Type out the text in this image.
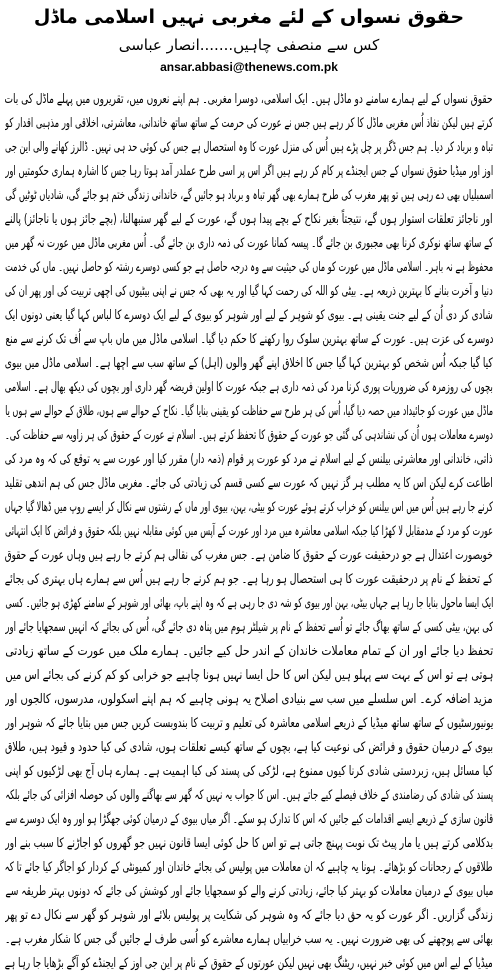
حقوق نسواں کے لئے مغربی نہیں اسلامی ماڈل
کس سے منصفی چاہیں.......انصار عباسی
ansar.abbasi@thenews.com.pk
حقوق نسواں کے لیے ہمارے سامنے دو ماڈل ہیں۔ ایک اسلامی، دوسرا مغربی۔ ہم اپنے نعروں میں، تقریروں میں پہلے ماڈل کی بات
کرتے ہیں لیکن نفاذ اُس مغربی ماڈل کا کر رہے ہیں جس نے عورت کی حرمت کے ساتھ ساتھ خاندانی، معاشرتی، اخلاقی اور مذہبی اقدار کو
تباہ و برباد کر دیا۔ ہم جس ڈگر پر چل پڑے ہیں اُس کی منزل عورت کا وہ استحصال ہے جس کی کوئی حد ہی نہیں۔ ڈالرز کھانے والی این جی
اوز اور میڈیا حقوق نسواں کے جس ایجنڈے پر کام کر رہے ہیں اگر اس پر اسی طرح عملدر آمد ہوتا رہا جس کا اشارہ ہماری حکومتیں اور
اسمبلیاں بھی دے رہی ہیں تو پھر مغرب کی طرح ہمارے بھی گھر تباہ و برباد ہو جائیں گے، خاندانی زندگی ختم ہو جائے گی، شادیاں ٹوٹیں گی
اور ناجائز تعلقات استوار ہوں گے، نتیجتاً بغیر نکاح کے بچے پیدا ہوں گے، عورت کے لیے گھر سنبھالنا، (بچے جائز ہوں یا ناجائز) پالنے
کے ساتھ ساتھ نوکری کرنا بھی مجبوری بن جائے گا۔ پیسہ کمانا عورت کی ذمہ داری بن جائے گی۔ اُس مغربی ماڈل میں عورت نہ گھر میں
محفوظ ہے نہ باہر۔ اسلامی ماڈل میں عورت کو ماں کی حیثیت سے وہ درجہ حاصل ہے جو کسی دوسرے رشتہ کو حاصل نہیں۔ ماں کی خدمت
دنیا و آخرت بنانے کا بہترین ذریعہ ہے۔ بیٹی کو اللہ کی رحمت کہا گیا اور یہ بھی کہ جس نے اپنی بیٹیوں کی اچھی تربیت کی اور پھر ان کی
شادی کر دی اُن کے لیے جنت یقینی ہے۔ بیوی کو شوہر کے لیے اور شوہر کو بیوی کے لیے ایک دوسرے کا لباس کہا گیا یعنی دونوں ایک
دوسرے کی عزت ہیں۔ عورت کے ساتھ بہترین سلوک روا رکھنے کا حکم دیا گیا۔ اسلامی ماڈل میں ماں باپ سے اُف تک کرنے سے منع
کیا گیا جبکہ اُس شخص کو بہترین کہا گیا جس کا اخلاق اپنے گھر والوں (اہل) کے ساتھ سب سے اچھا ہے۔ اسلامی ماڈل میں بیوی
بچوں کی روزمرہ کی ضروریات پوری کرنا مرد کی ذمہ داری ہے جبکہ عورت کا اولین فریضہ گھر داری اور بچوں کی دیکھ بھال ہے۔ اسلامی
ماڈل میں عورت کو جائیداد میں حصہ دیا گیا، اُس کی ہر طرح سے حفاظت کو یقینی بنایا گیا۔ نکاح کے حوالے سے ہوں، طلاق کے حوالے سے ہوں یا
دوسرے معاملات ہوں اُن کی نشاندہی کی گئی جو عورت کے حقوق کا تحفظ کرتے ہیں۔ اسلام نے عورت کے حقوق کی ہر زاویہ سے حفاظت کی۔
ذاتی، خاندانی اور معاشرتی بیلنس کے لیے اسلام نے مرد کو عورت پر قوام (ذمہ دار) مقرر کیا اور عورت سے یہ توقع کی کہ وہ مرد کی
اطاعت کرے لیکن اس کا یہ مطلب ہر گز نہیں کہ عورت سے کسی قسم کی زیادتی کی جائے۔ مغربی ماڈل جس کی ہم اندھی تقلید
کرنے جا رہے ہیں اُس میں اس بیلنس کو خراب کرتے ہوئے عورت کو بیٹی، بہن، بیوی اور ماں کے رشتوں سے نکال کر ایسے روپ میں ڈھالا گیا جہاں
عورت کو مرد کے مدمقابل لا کھڑا کیا جبکہ اسلامی معاشرہ میں مرد اور عورت کے آپس میں کوئی مقابلہ نہیں بلکہ حقوق و فرائض کا ایک انتہائی
خوبصورت اعتدال ہے جو درحقیقت عورت کے حقوق کا ضامن ہے۔ جس مغرب کی نقالی ہم کرتے جا رہے ہیں وہاں عورت کے حقوق
کے تحفظ کے نام پر درحقیقت عورت کا ہی استحصال ہو رہا ہے۔ جو ہم کرنے جا رہے ہیں اُس سے ہمارے ہاں بہتری کی بجائے
ایک ایسا ماحول بنایا جا رہا ہے جہاں بیٹی، بہن اور بیوی کو شہ دی جا رہی ہے کہ وہ اپنے باپ، بھائی اور شوہر کے سامنے کھڑی ہو جائیں۔ کسی
کی بہن، بیٹی کسی کے ساتھ بھاگ جائے تو اُسے تحفظ کے نام پر شیلٹر ہوم میں پناہ دی جائے گی، اُس کی بجائے کہ انہیں سمجھایا جائے اور
تحفظ دیا جائے اور ان کے تمام معاملات خاندان کے اندر حل کیے جائیں۔ ہمارے ملک میں عورت کے ساتھ زیادتی
ہوتی ہے تو اس کے بہت سے پہلو ہیں لیکن اس کا حل ایسا نہیں ہونا چاہیے جو خرابی کو کم کرنے کی بجائے اس میں
مزید اضافہ کرے۔ اس سلسلے میں سب سے بنیادی اصلاح یہ ہونی چاہیے کہ ہم اپنے اسکولوں، مدرسوں، کالجوں اور
یونیورسٹیوں کے ساتھ ساتھ میڈیا کے ذریعے اسلامی معاشرہ کی تعلیم و تربیت کا بندوبست کریں جس میں بتایا جائے کہ شوہر اور
بیوی کے درمیان حقوق و فرائض کی نوعیت کیا ہے، بچوں کے ساتھ کیسے تعلقات ہوں، شادی کی کیا حدود و قیود ہیں، طلاق
کیا مسائل ہیں، زبردستی شادی کرنا کیوں ممنوع ہے، لڑکی کی پسند کی کیا اہمیت ہے۔ ہمارے ہاں آج بھی لڑکیوں کو اپنی
پسند کی شادی کی رضامندی کے خلاف فیصلے کیے جاتے ہیں۔ اس کا جواب یہ نہیں کہ گھر سے بھاگنے والوں کی حوصلہ افزائی کی جائے بلکہ
قانون سازی کے ذریعے ایسے اقدامات کیے جائیں کہ اس کا تدارک ہو سکے۔ اگر میاں بیوی کے درمیان کوئی جھگڑا ہو اور وہ ایک دوسرے سے
بدکلامی کرتے ہیں یا مار پیٹ تک نوبت پہنچ جاتی ہے تو اس کا حل کوئی ایسا قانون نہیں جو گھروں کو اجاڑنے کا سبب بنے اور
طلاقوں کے رجحانات کو بڑھائے۔ ہونا یہ چاہیے کہ ان معاملات میں پولیس کی بجائے خاندان اور کمیونٹی کے کردار کو اجاگر کیا جائے تا کہ
میاں بیوی کے درمیان معاملات کو بہتر کیا جائے، زیادتی کرنے والے کو سمجھایا جائے اور کوشش کی جائے کہ دونوں بہتر طریقہ سے
زندگی گزاریں۔ اگر عورت کو یہ حق دیا جائے کہ وہ شوہر کی شکایت پر پولیس بلائے اور شوہر کو گھر سے نکال دے تو پھر
بھائی سے پوچھنے کی بھی ضرورت نہیں۔ یہ سب خرابیاں ہمارے معاشرے کو اُسی طرف لے جائیں گی جس کا شکار مغرب ہے۔
میڈیا کے لیے اس میں کوئی خبر نہیں، ریٹنگ بھی نہیں لیکن عورتوں کے حقوق کے نام پر این جی اوز کے ایجنڈے کو آگے بڑھایا جا رہا ہے
